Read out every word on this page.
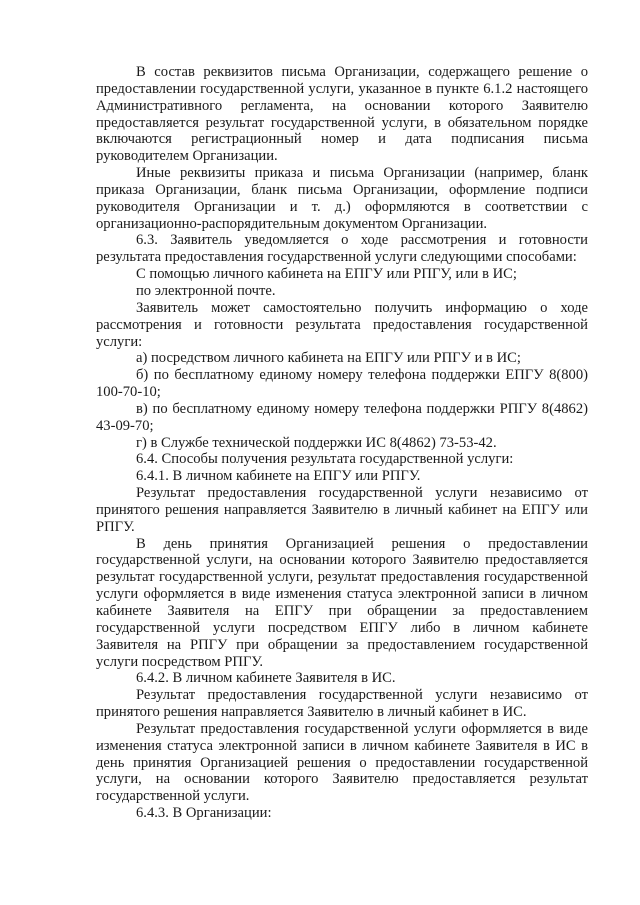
В состав реквизитов письма Организации, содержащего решение о предоставлении государственной услуги, указанное в пункте 6.1.2 настоящего Административного регламента, на основании которого Заявителю предоставляется результат государственной услуги, в обязательном порядке включаются регистрационный номер и дата подписания письма руководителем Организации.

Иные реквизиты приказа и письма Организации (например, бланк приказа Организации, бланк письма Организации, оформление подписи руководителя Организации и т. д.) оформляются в соответствии с организационно-распорядительным документом Организации.

6.3. Заявитель уведомляется о ходе рассмотрения и готовности результата предоставления государственной услуги следующими способами:

С помощью личного кабинета на ЕПГУ или РПГУ, или в ИС;

по электронной почте.

Заявитель может самостоятельно получить информацию о ходе рассмотрения и готовности результата предоставления государственной услуги:

а) посредством личного кабинета на ЕПГУ или РПГУ и в ИС;

б) по бесплатному единому номеру телефона поддержки ЕПГУ 8(800) 100-70-10;

в) по бесплатному единому номеру телефона поддержки РПГУ 8(4862) 43-09-70;

г) в Службе технической поддержки ИС 8(4862) 73-53-42.

6.4. Способы получения результата государственной услуги:

6.4.1. В личном кабинете на ЕПГУ или РПГУ.

Результат предоставления государственной услуги независимо от принятого решения направляется Заявителю в личный кабинет на ЕПГУ или РПГУ.

В день принятия Организацией решения о предоставлении государственной услуги, на основании которого Заявителю предоставляется результат государственной услуги, результат предоставления государственной услуги оформляется в виде изменения статуса электронной записи в личном кабинете Заявителя на ЕПГУ при обращении за предоставлением государственной услуги посредством ЕПГУ либо в личном кабинете Заявителя на РПГУ при обращении за предоставлением государственной услуги посредством РПГУ.

6.4.2. В личном кабинете Заявителя в ИС.

Результат предоставления государственной услуги независимо от принятого решения направляется Заявителю в личный кабинет в ИС.

Результат предоставления государственной услуги оформляется в виде изменения статуса электронной записи в личном кабинете Заявителя в ИС в день принятия Организацией решения о предоставлении государственной услуги, на основании которого Заявителю предоставляется результат государственной услуги.

6.4.3. В Организации:
